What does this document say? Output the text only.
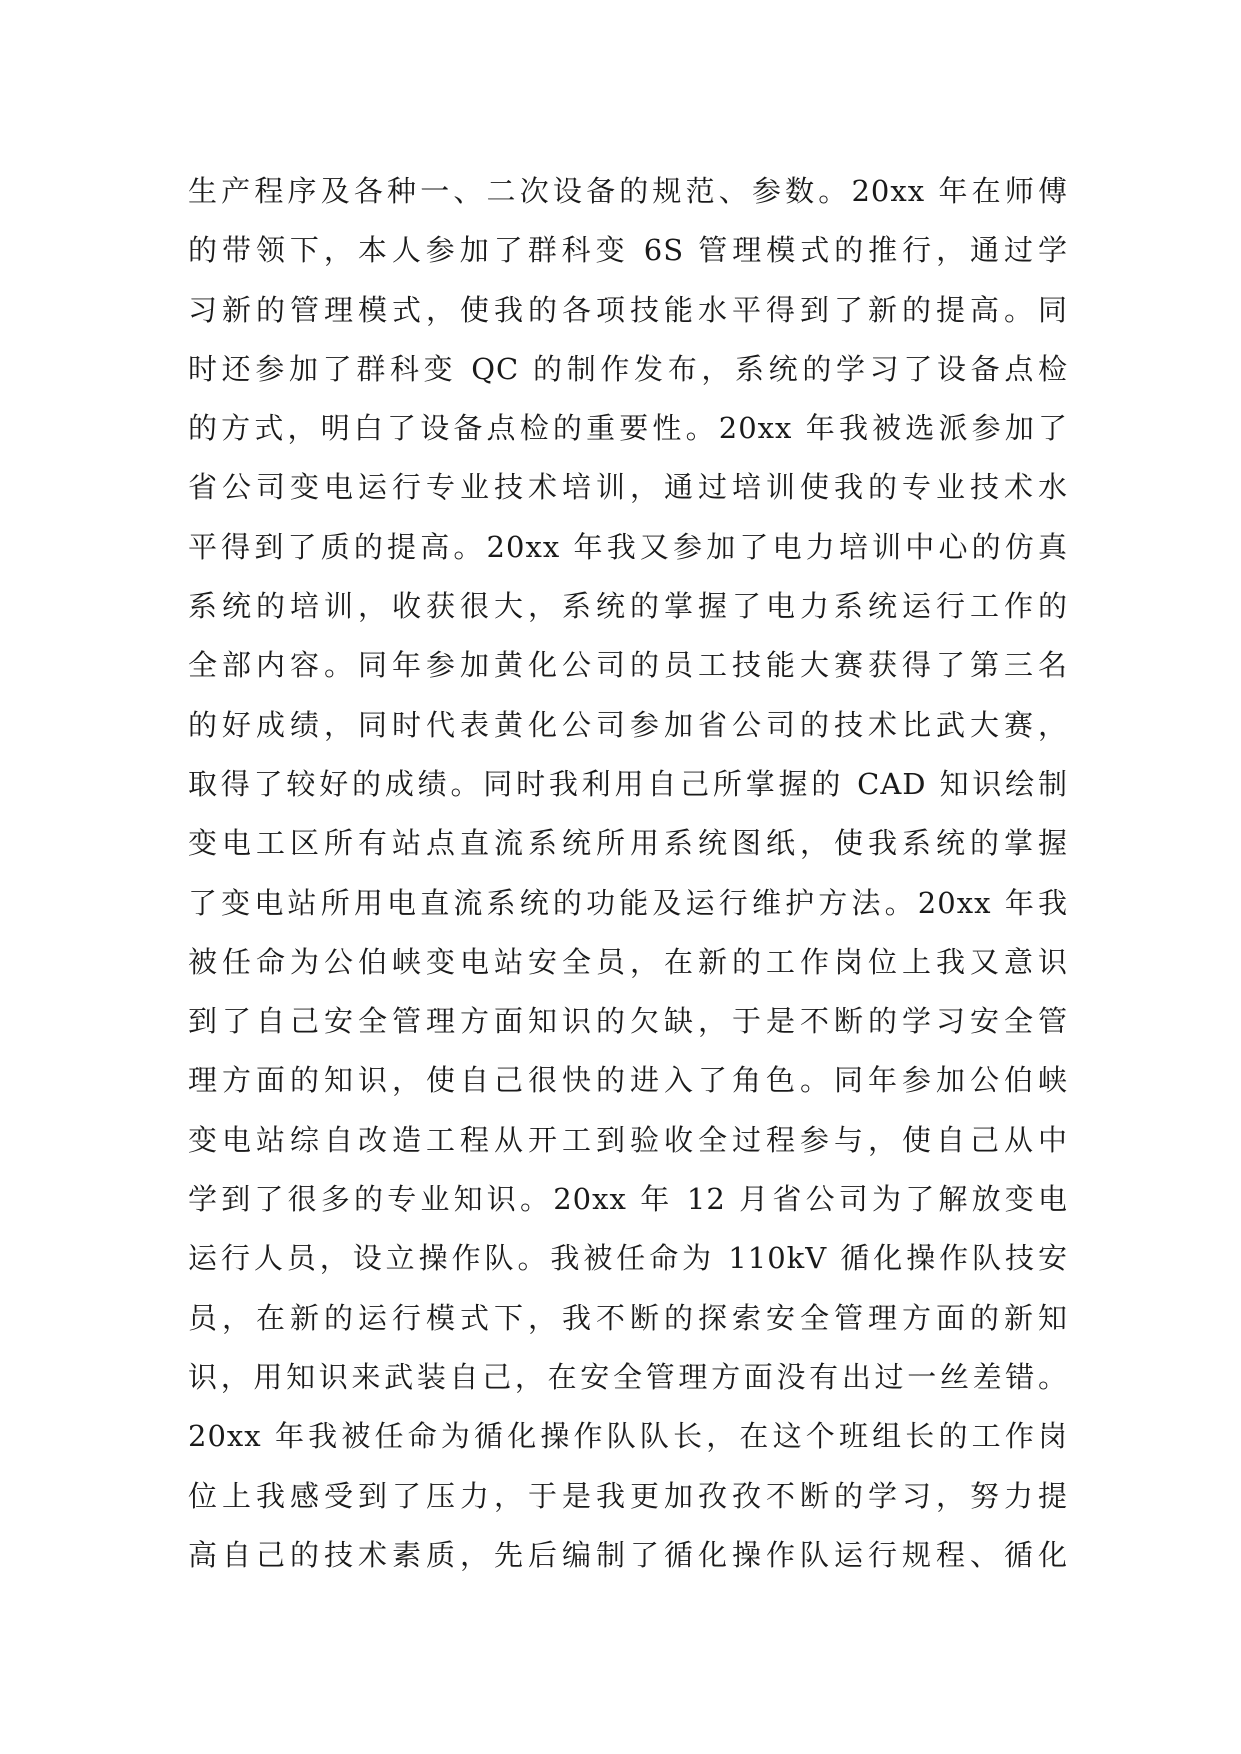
生产程序及各种一、二次设备的规范、参数。20xx 年在师傅
的带领下，本人参加了群科变 6S 管理模式的推行，通过学
习新的管理模式，使我的各项技能水平得到了新的提高。同
时还参加了群科变 QC 的制作发布，系统的学习了设备点检
的方式，明白了设备点检的重要性。20xx 年我被选派参加了
省公司变电运行专业技术培训，通过培训使我的专业技术水
平得到了质的提高。20xx 年我又参加了电力培训中心的仿真
系统的培训，收获很大，系统的掌握了电力系统运行工作的
全部内容。同年参加黄化公司的员工技能大赛获得了第三名
的好成绩，同时代表黄化公司参加省公司的技术比武大赛，
取得了较好的成绩。同时我利用自己所掌握的 CAD 知识绘制
变电工区所有站点直流系统所用系统图纸，使我系统的掌握
了变电站所用电直流系统的功能及运行维护方法。20xx 年我
被任命为公伯峡变电站安全员，在新的工作岗位上我又意识
到了自己安全管理方面知识的欠缺，于是不断的学习安全管
理方面的知识，使自己很快的进入了角色。同年参加公伯峡
变电站综自改造工程从开工到验收全过程参与，使自己从中
学到了很多的专业知识。20xx 年 12 月省公司为了解放变电
运行人员，设立操作队。我被任命为 110kV 循化操作队技安
员，在新的运行模式下，我不断的探索安全管理方面的新知
识，用知识来武装自己，在安全管理方面没有出过一丝差错。
20xx 年我被任命为循化操作队队长，在这个班组长的工作岗
位上我感受到了压力，于是我更加孜孜不断的学习，努力提
高自己的技术素质，先后编制了循化操作队运行规程、循化
